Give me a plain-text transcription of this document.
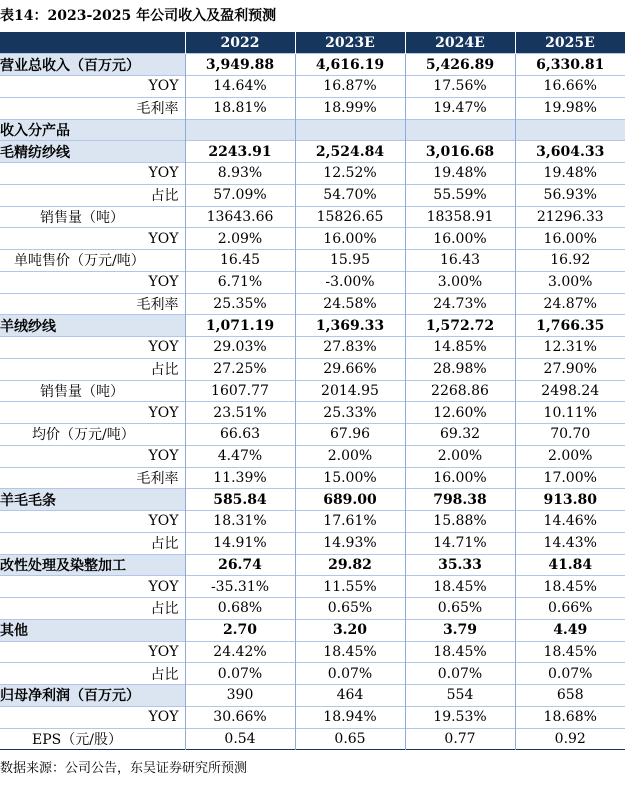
表14：2023-2025 年公司收入及盈利预测
	2022	2023E	2024E	2025E
营业总收入（百万元）	3,949.88	4,616.19	5,426.89	6,330.81
YOY	14.64%	16.87%	17.56%	16.66%
毛利率	18.81%	18.99%	19.47%	19.98%
收入分产品				
毛精纺纱线	2243.91	2,524.84	3,016.68	3,604.33
YOY	8.93%	12.52%	19.48%	19.48%
占比	57.09%	54.70%	55.59%	56.93%
销售量（吨）	13643.66	15826.65	18358.91	21296.33
YOY	2.09%	16.00%	16.00%	16.00%
单吨售价（万元/吨）	16.45	15.95	16.43	16.92
YOY	6.71%	-3.00%	3.00%	3.00%
毛利率	25.35%	24.58%	24.73%	24.87%
羊绒纱线	1,071.19	1,369.33	1,572.72	1,766.35
YOY	29.03%	27.83%	14.85%	12.31%
占比	27.25%	29.66%	28.98%	27.90%
销售量（吨）	1607.77	2014.95	2268.86	2498.24
YOY	23.51%	25.33%	12.60%	10.11%
均价（万元/吨）	66.63	67.96	69.32	70.70
YOY	4.47%	2.00%	2.00%	2.00%
毛利率	11.39%	15.00%	16.00%	17.00%
羊毛毛条	585.84	689.00	798.38	913.80
YOY	18.31%	17.61%	15.88%	14.46%
占比	14.91%	14.93%	14.71%	14.43%
改性处理及染整加工	26.74	29.82	35.33	41.84
YOY	-35.31%	11.55%	18.45%	18.45%
占比	0.68%	0.65%	0.65%	0.66%
其他	2.70	3.20	3.79	4.49
YOY	24.42%	18.45%	18.45%	18.45%
占比	0.07%	0.07%	0.07%	0.07%
归母净利润（百万元）	390	464	554	658
YOY	30.66%	18.94%	19.53%	18.68%
EPS（元/股）	0.54	0.65	0.77	0.92
数据来源：公司公告，东吴证券研究所预测
